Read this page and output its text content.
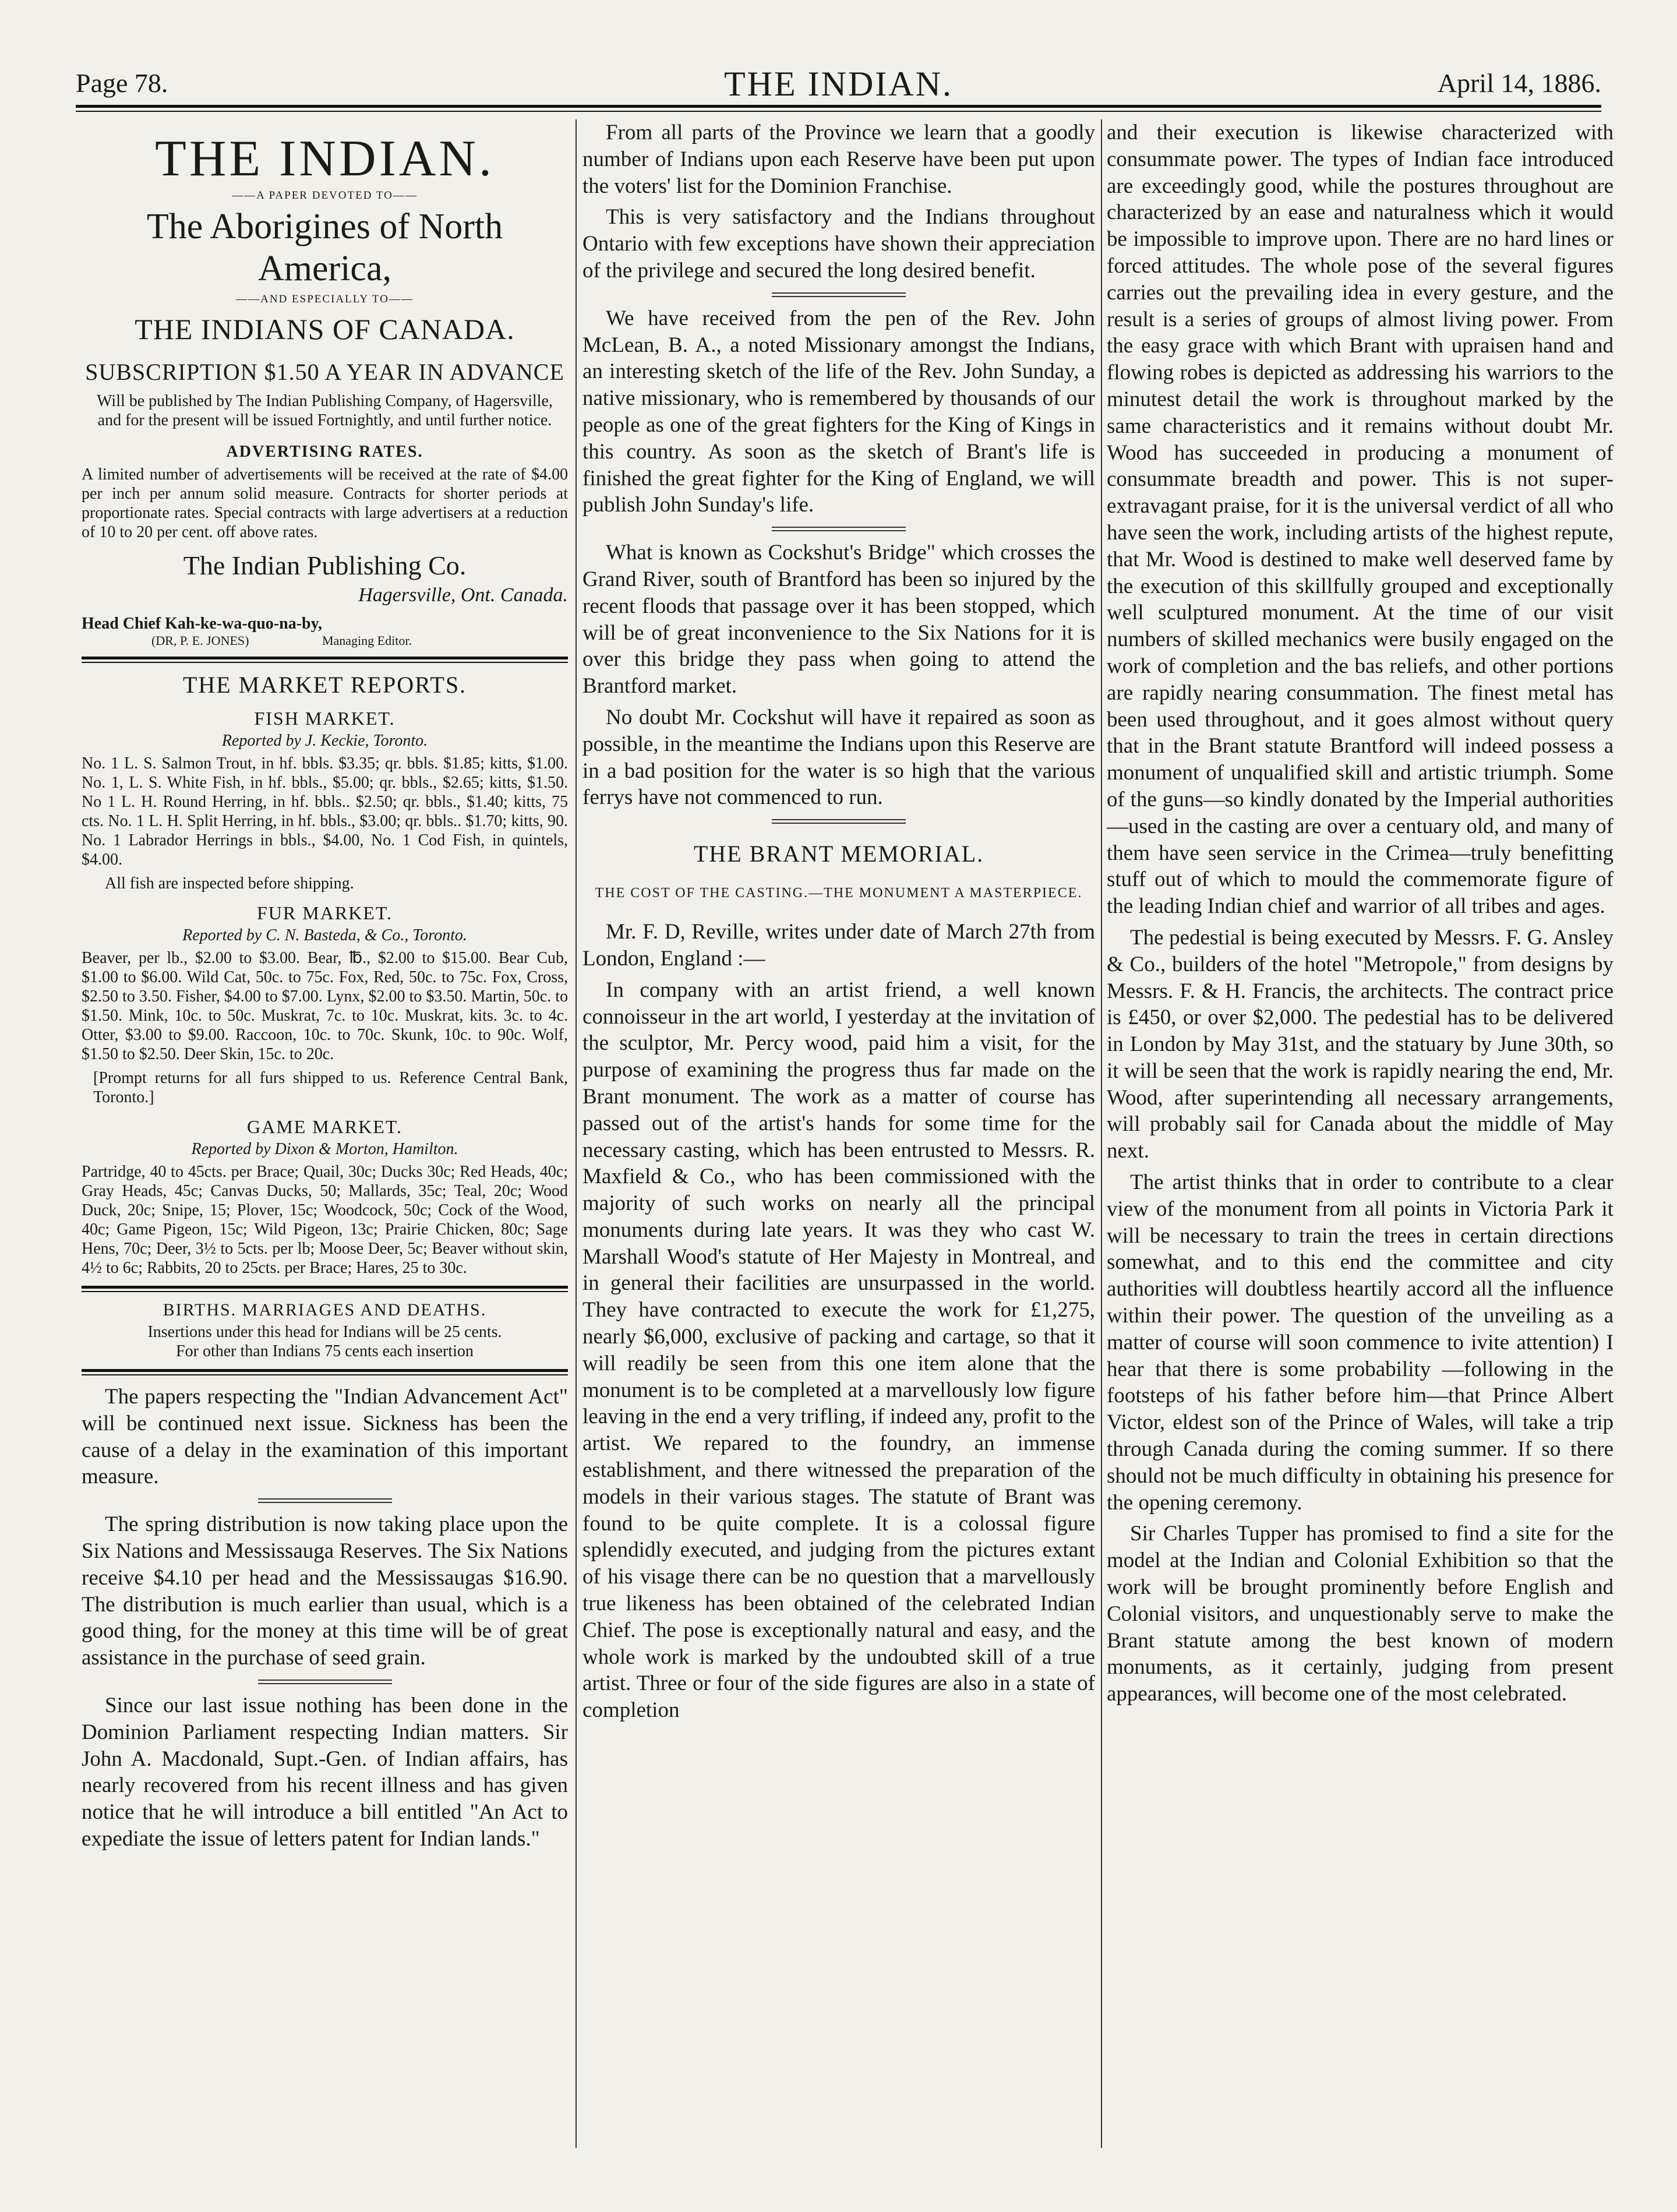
Page 78.	THE INDIAN.	April 14, 1886.
THE INDIAN.
——A PAPER DEVOTED TO——
The Aborigines of North America,
——AND ESPECIALLY TO——
THE INDIANS OF CANADA.
SUBSCRIPTION $1.50 A YEAR IN ADVANCE

Will be published by The Indian Publishing Company, of Hagersville, and for the present will be issued Fortnightly, and until further notice.

ADVERTISING RATES.

A limited number of advertisements will be received at the rate of $4.00 per inch per annum solid measure. Contracts for shorter periods at proportionate rates. Special contracts with large advertisers at a reduction of 10 to 20 per cent. off above rates.

The Indian Publishing Co.
Hagersville, Ont. Canada.
Head Chief Kah-ke-wa-quo-na-by,
(DR, P. E. JONES)	Managing Editor.
THE MARKET REPORTS.
FISH MARKET.
Reported by J. Keckie, Toronto.

No. 1 L. S. Salmon Trout, in hf. bbls. $3.35; qr. bbls. $1.85; kitts, $1.00. No. 1, L. S. White Fish, in hf. bbls., $5.00; qr. bbls., $2.65; kitts, $1.50. No 1 L. H. Round Herring, in hf. bbls.. $2.50; qr. bbls., $1.40; kitts, 75 cts. No. 1 L. H. Split Herring, in hf. bbls., $3.00; qr. bbls.. $1.70; kitts, 90. No. 1 Labrador Herrings in bbls., $4.00, No. 1 Cod Fish, in quintels, $4.00.

All fish are inspected before shipping.

FUR MARKET.
Reported by C. N. Basteda, & Co., Toronto.

Beaver, per lb., $2.00 to $3.00. Bear, ℔., $2.00 to $15.00. Bear Cub, $1.00 to $6.00. Wild Cat, 50c. to 75c. Fox, Red, 50c. to 75c. Fox, Cross, $2.50 to 3.50. Fisher, $4.00 to $7.00. Lynx, $2.00 to $3.50. Martin, 50c. to $1.50. Mink, 10c. to 50c. Muskrat, 7c. to 10c. Muskrat, kits. 3c. to 4c. Otter, $3.00 to $9.00. Raccoon, 10c. to 70c. Skunk, 10c. to 90c. Wolf, $1.50 to $2.50. Deer Skin, 15c. to 20c.

[Prompt returns for all furs shipped to us. Reference Central Bank, Toronto.]

GAME MARKET.
Reported by Dixon & Morton, Hamilton.

Partridge, 40 to 45cts. per Brace; Quail, 30c; Ducks 30c; Red Heads, 40c; Gray Heads, 45c; Canvas Ducks, 50; Mallards, 35c; Teal, 20c; Wood Duck, 20c; Snipe, 15; Plover, 15c; Woodcock, 50c; Cock of the Wood, 40c; Game Pigeon, 15c; Wild Pigeon, 13c; Prairie Chicken, 80c; Sage Hens, 70c; Deer, 3½ to 5cts. per lb; Moose Deer, 5c; Beaver without skin, 4½ to 6c; Rabbits, 20 to 25cts. per Brace; Hares, 25 to 30c.

BIRTHS. MARRIAGES AND DEATHS.

Insertions under this head for Indians will be 25 cents.

For other than Indians 75 cents each insertion

The papers respecting the "Indian Advancement Act" will be continued next issue. Sickness has been the cause of a delay in the examination of this important measure.

The spring distribution is now taking place upon the Six Nations and Messissauga Reserves. The Six Nations receive $4.10 per head and the Messissaugas $16.90. The distribution is much earlier than usual, which is a good thing, for the money at this time will be of great assistance in the purchase of seed grain.

Since our last issue nothing has been done in the Dominion Parliament respecting Indian matters. Sir John A. Macdonald, Supt.-Gen. of Indian affairs, has nearly recovered from his recent illness and has given notice that he will introduce a bill entitled "An Act to expediate the issue of letters patent for Indian lands."

From all parts of the Province we learn that a goodly number of Indians upon each Reserve have been put upon the voters' list for the Dominion Franchise.

This is very satisfactory and the Indians throughout Ontario with few exceptions have shown their appreciation of the privilege and secured the long desired benefit.

We have received from the pen of the Rev. John McLean, B. A., a noted Missionary amongst the Indians, an interesting sketch of the life of the Rev. John Sunday, a native missionary, who is remembered by thousands of our people as one of the great fighters for the King of Kings in this country. As soon as the sketch of Brant's life is finished the great fighter for the King of England, we will publish John Sunday's life.

What is known as Cockshut's Bridge" which crosses the Grand River, south of Brantford has been so injured by the recent floods that passage over it has been stopped, which will be of great inconvenience to the Six Nations for it is over this bridge they pass when going to attend the Brantford market.

No doubt Mr. Cockshut will have it repaired as soon as possible, in the meantime the Indians upon this Reserve are in a bad position for the water is so high that the various ferrys have not commenced to run.

THE BRANT MEMORIAL.
THE COST OF THE CASTING.—THE MONUMENT A MASTERPIECE.

Mr. F. D, Reville, writes under date of March 27th from London, England :—

In company with an artist friend, a well known connoisseur in the art world, I yesterday at the invitation of the sculptor, Mr. Percy wood, paid him a visit, for the purpose of examining the progress thus far made on the Brant monument. The work as a matter of course has passed out of the artist's hands for some time for the necessary casting, which has been entrusted to Messrs. R. Maxfield & Co., who has been commissioned with the majority of such works on nearly all the principal monuments during late years. It was they who cast W. Marshall Wood's statute of Her Majesty in Montreal, and in general their facilities are unsurpassed in the world. They have contracted to execute the work for £1,275, nearly $6,000, exclusive of packing and cartage, so that it will readily be seen from this one item alone that the monument is to be completed at a marvellously low figure leaving in the end a very trifling, if indeed any, profit to the artist. We repared to the foundry, an immense establishment, and there witnessed the preparation of the models in their various stages. The statute of Brant was found to be quite complete. It is a colossal figure splendidly executed, and judging from the pictures extant of his visage there can be no question that a marvellously true likeness has been obtained of the celebrated Indian Chief. The pose is exceptionally natural and easy, and the whole work is marked by the undoubted skill of a true artist. Three or four of the side figures are also in a state of completion

and their execution is likewise characterized with consummate power. The types of Indian face introduced are exceedingly good, while the postures throughout are characterized by an ease and naturalness which it would be impossible to improve upon. There are no hard lines or forced attitudes. The whole pose of the several figures carries out the prevailing idea in every gesture, and the result is a series of groups of almost living power. From the easy grace with which Brant with upraisen hand and flowing robes is depicted as addressing his warriors to the minutest detail the work is throughout marked by the same characteristics and it remains without doubt Mr. Wood has succeeded in producing a monument of consummate breadth and power. This is not super-extravagant praise, for it is the universal verdict of all who have seen the work, including artists of the highest repute, that Mr. Wood is destined to make well deserved fame by the execution of this skillfully grouped and exceptionally well sculptured monument. At the time of our visit numbers of skilled mechanics were busily engaged on the work of completion and the bas reliefs, and other portions are rapidly nearing consummation. The finest metal has been used throughout, and it goes almost without query that in the Brant statute Brantford will indeed possess a monument of unqualified skill and artistic triumph. Some of the guns—so kindly donated by the Imperial authorities—used in the casting are over a centuary old, and many of them have seen service in the Crimea—truly benefitting stuff out of which to mould the commemorate figure of the leading Indian chief and warrior of all tribes and ages.

The pedestial is being executed by Messrs. F. G. Ansley & Co., builders of the hotel "Metropole," from designs by Messrs. F. & H. Francis, the architects. The contract price is £450, or over $2,000. The pedestial has to be delivered in London by May 31st, and the statuary by June 30th, so it will be seen that the work is rapidly nearing the end, Mr. Wood, after superintending all necessary arrangements, will probably sail for Canada about the middle of May next.

The artist thinks that in order to contribute to a clear view of the monument from all points in Victoria Park it will be necessary to train the trees in certain directions somewhat, and to this end the committee and city authorities will doubtless heartily accord all the influence within their power. The question of the unveiling as a matter of course will soon commence to ivite attention) I hear that there is some probability —following in the footsteps of his father before him—that Prince Albert Victor, eldest son of the Prince of Wales, will take a trip through Canada during the coming summer. If so there should not be much difficulty in obtaining his presence for the opening ceremony.

Sir Charles Tupper has promised to find a site for the model at the Indian and Colonial Exhibition so that the work will be brought prominently before English and Colonial visitors, and unquestionably serve to make the Brant statute among the best known of modern monuments, as it certainly, judging from present appearances, will become one of the most celebrated.
